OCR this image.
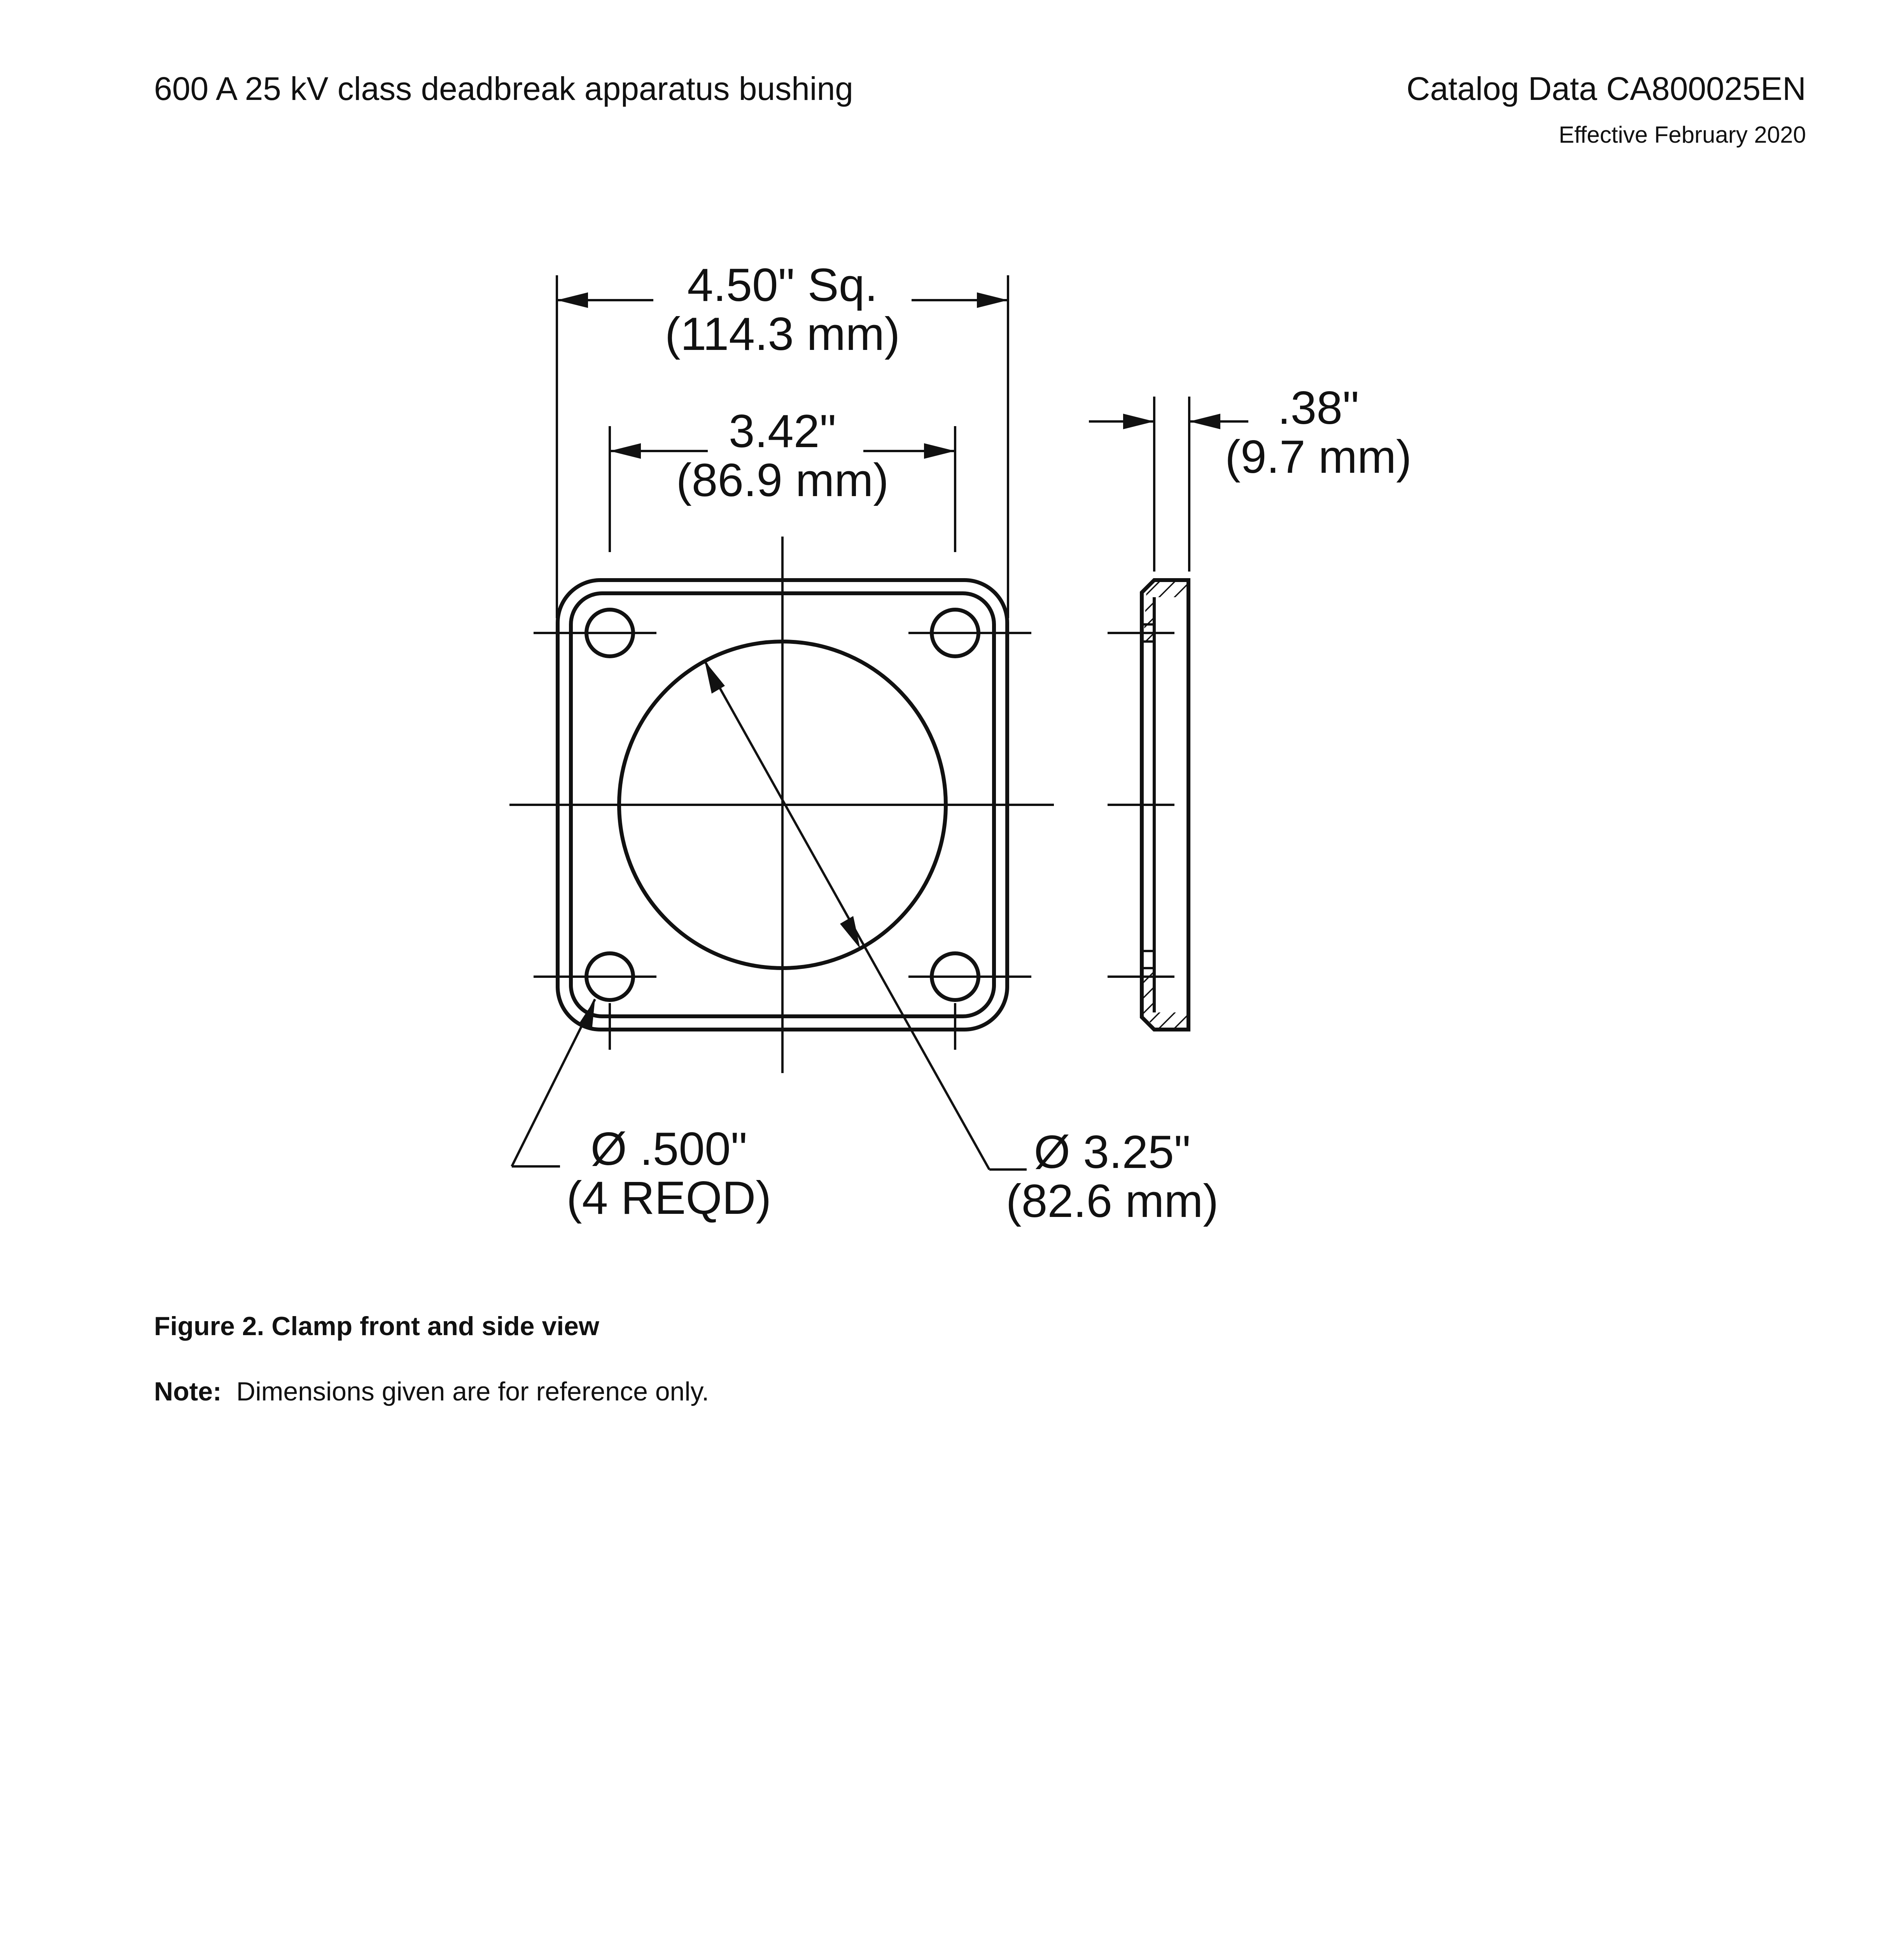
600 A 25 kV class deadbreak apparatus bushing	Catalog Data CA800025EN
Effective February 2020
4.50" Sq.
(114.3 mm)
3.42"
(86.9 mm)
.38"
(9.7 mm)
Ø 3.25"
(82.6 mm)
Ø .500"
(4 REQD)
Figure 2. Clamp front and side view
Note: Dimensions given are for reference only.
